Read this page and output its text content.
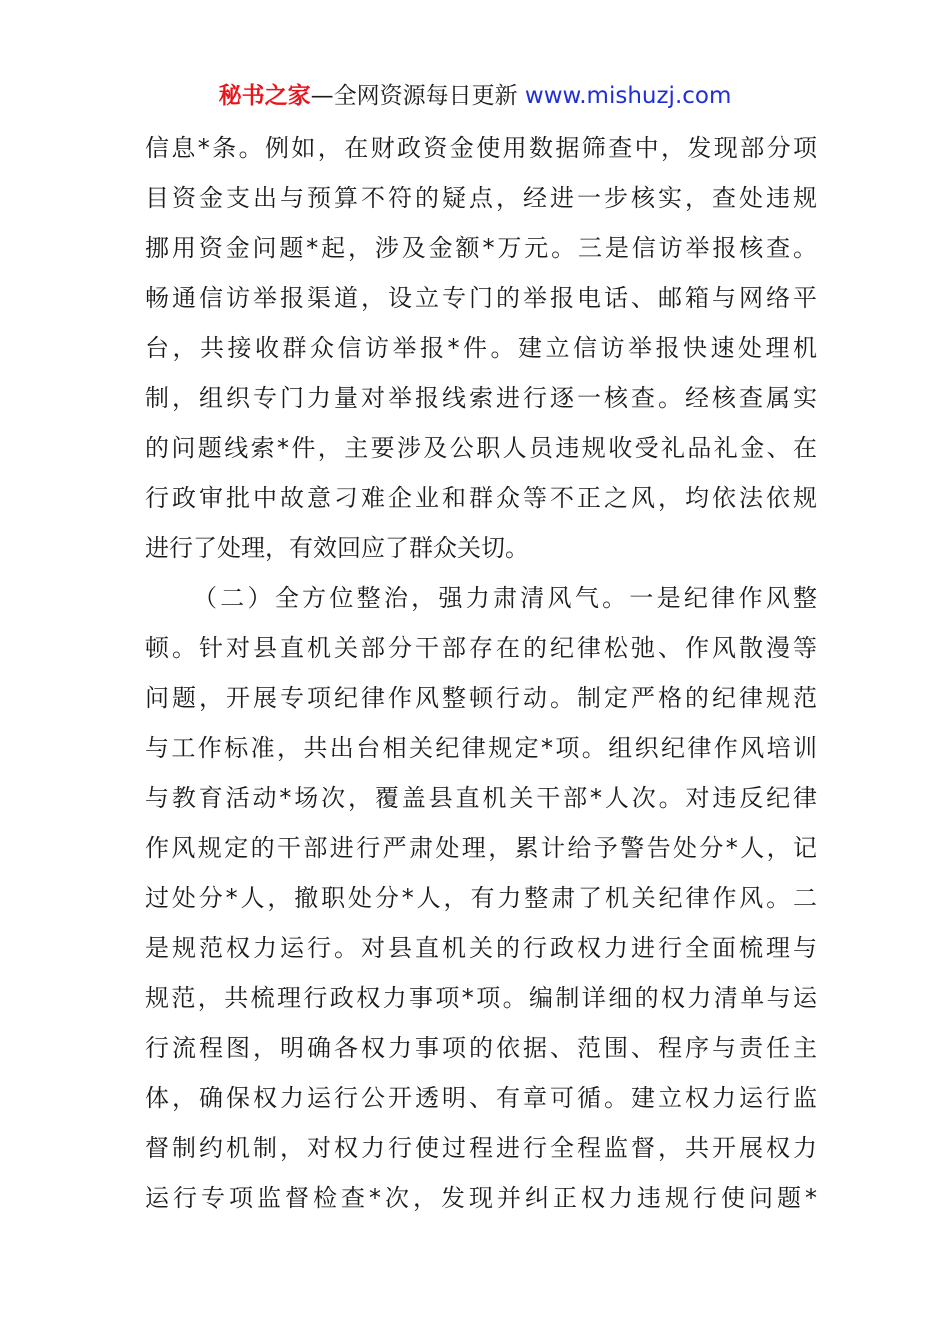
秘书之家—全网资源每日更新 www.mishuzj.com
信息*条。例如，在财政资金使用数据筛查中，发现部分项
目资金支出与预算不符的疑点，经进一步核实，查处违规
挪用资金问题*起，涉及金额*万元。三是信访举报核查。
畅通信访举报渠道，设立专门的举报电话、邮箱与网络平
台，共接收群众信访举报*件。建立信访举报快速处理机
制，组织专门力量对举报线索进行逐一核查。经核查属实
的问题线索*件，主要涉及公职人员违规收受礼品礼金、在
行政审批中故意刁难企业和群众等不正之风，均依法依规
进行了处理，有效回应了群众关切。
（二）全方位整治，强力肃清风气。一是纪律作风整
顿。针对县直机关部分干部存在的纪律松弛、作风散漫等
问题，开展专项纪律作风整顿行动。制定严格的纪律规范
与工作标准，共出台相关纪律规定*项。组织纪律作风培训
与教育活动*场次，覆盖县直机关干部*人次。对违反纪律
作风规定的干部进行严肃处理，累计给予警告处分*人，记
过处分*人，撤职处分*人，有力整肃了机关纪律作风。二
是规范权力运行。对县直机关的行政权力进行全面梳理与
规范，共梳理行政权力事项*项。编制详细的权力清单与运
行流程图，明确各权力事项的依据、范围、程序与责任主
体，确保权力运行公开透明、有章可循。建立权力运行监
督制约机制，对权力行使过程进行全程监督，共开展权力
运行专项监督检查*次，发现并纠正权力违规行使问题*
